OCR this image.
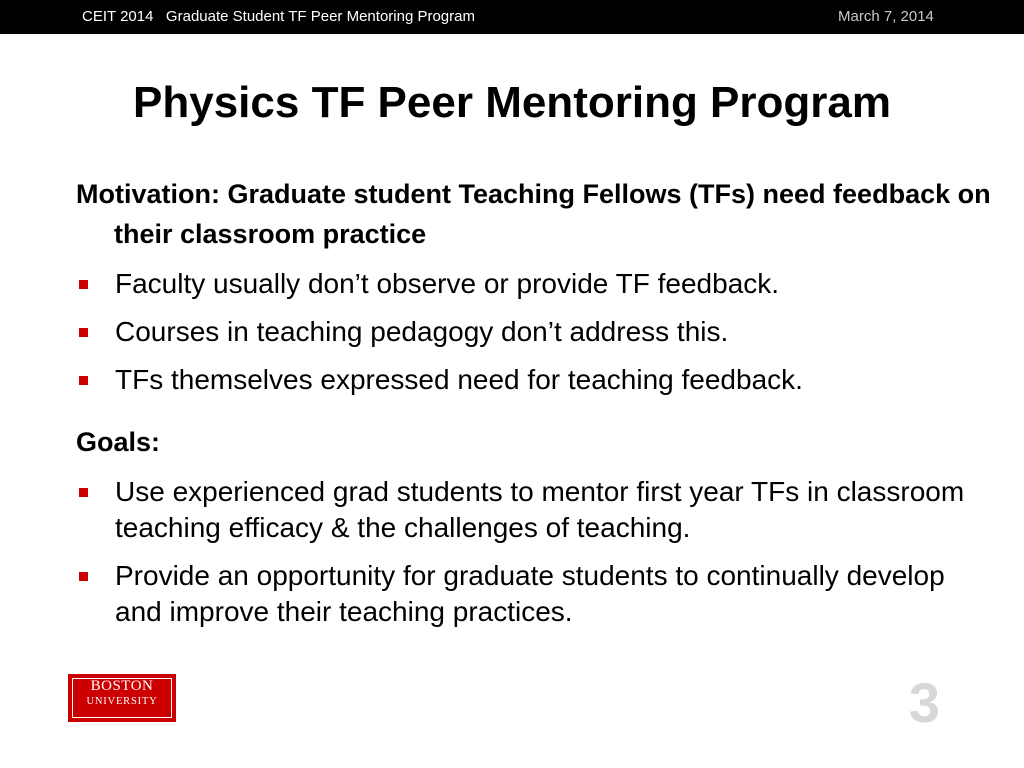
CEIT 2014   Graduate Student TF Peer Mentoring Program	March 7, 2014
Physics TF Peer Mentoring Program

Motivation: Graduate student Teaching Fellows (TFs) need feedback on their classroom practice

Faculty usually don’t observe or provide TF feedback.
Courses in teaching pedagogy don’t address this.
TFs themselves expressed need for teaching feedback.

Goals:

Use experienced grad students to mentor first year TFs in classroom teaching efficacy & the challenges of teaching.
Provide an opportunity for graduate students to continually develop and improve their teaching practices.
BOSTON
UNIVERSITY	3
